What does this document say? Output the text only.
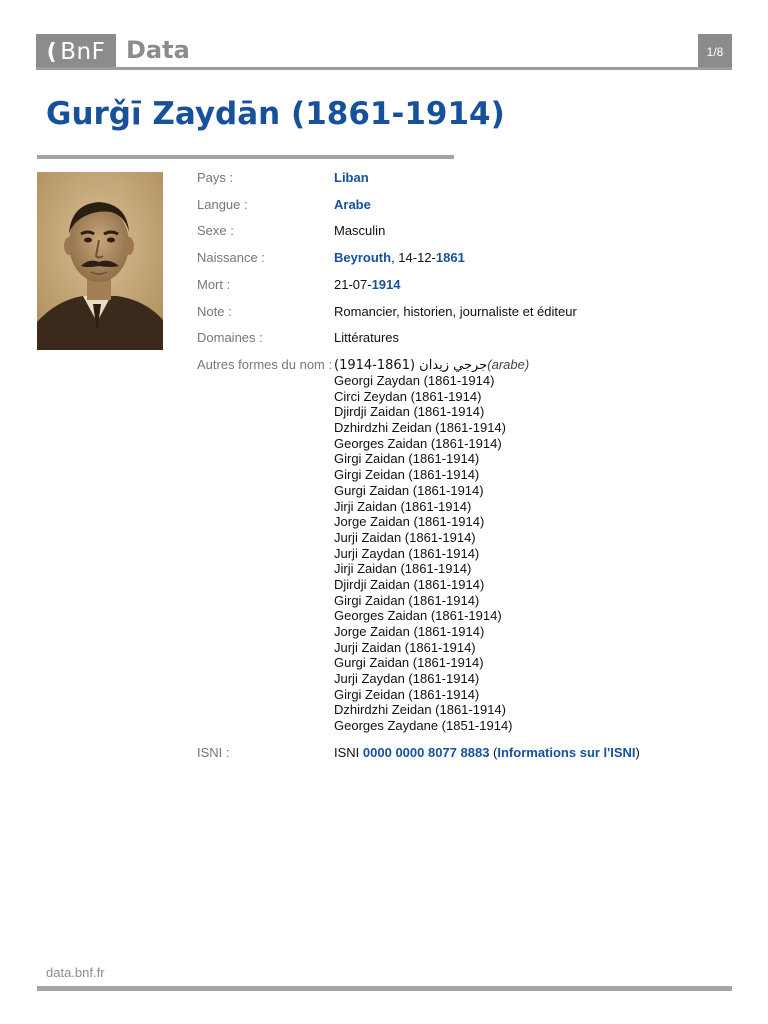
( BnF Data	1/8
Gurǧī Zaydān (1861-1914)
Pays :	Liban
Langue :	Arabe
Sexe :	Masculin
Naissance :	Beyrouth, 14-12-1861
Mort :	21-07-1914
Note :	Romancier, historien, journaliste et éditeur
Domaines :	Littératures
Autres formes du nom : جرجي زيدان (1861-1914)(arabe)
Georgi Zaydan (1861-1914)
Circi Zeydan (1861-1914)
Djirdji Zaidan (1861-1914)
Dzhirdzhi Zeidan (1861-1914)
Georges Zaidan (1861-1914)
Girgi Zaidan (1861-1914)
Girgi Zeidan (1861-1914)
Gurgi Zaidan (1861-1914)
Jirji Zaidan (1861-1914)
Jorge Zaidan (1861-1914)
Jurji Zaidan (1861-1914)
Jurji Zaydan (1861-1914)
Jirji Zaidan (1861-1914)
Djirdji Zaidan (1861-1914)
Girgi Zaidan (1861-1914)
Georges Zaidan (1861-1914)
Jorge Zaidan (1861-1914)
Jurji Zaidan (1861-1914)
Gurgi Zaidan (1861-1914)
Jurji Zaydan (1861-1914)
Girgi Zeidan (1861-1914)
Dzhirdzhi Zeidan (1861-1914)
Georges Zaydane (1851-1914)
ISNI :	ISNI 0000 0000 8077 8883 (Informations sur l'ISNI)
data.bnf.fr
